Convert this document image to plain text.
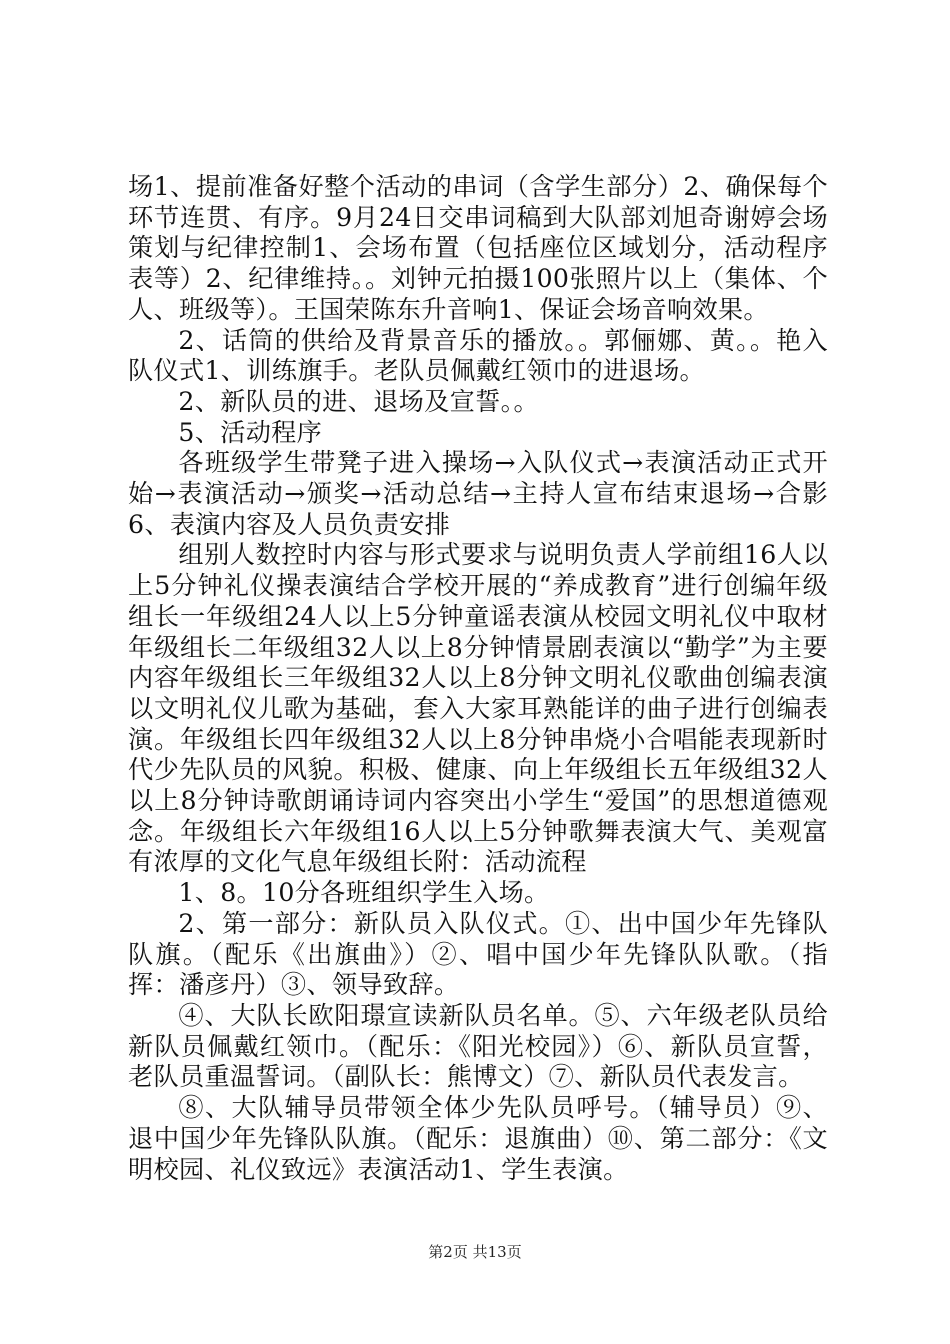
场1、提前准备好整个活动的串词（含学生部分）2、确保每个环节连贯、有序。9月24日交串词稿到大队部刘旭奇谢婷会场策划与纪律控制1、会场布置（包括座位区域划分，活动程序表等）2、纪律维持。。刘钟元拍摄100张照片以上（集体、个人、班级等）。王国荣陈东升音响1、保证会场音响效果。

2、话筒的供给及背景音乐的播放。。郭俪娜、黄。。艳入队仪式1、训练旗手。老队员佩戴红领巾的进退场。

2、新队员的进、退场及宣誓。。

5、活动程序

各班级学生带凳子进入操场→入队仪式→表演活动正式开始→表演活动→颁奖→活动总结→主持人宣布结束退场→合影6、表演内容及人员负责安排

组别人数控时内容与形式要求与说明负责人学前组16人以上5分钟礼仪操表演结合学校开展的“养成教育”进行创编年级组长一年级组24人以上5分钟童谣表演从校园文明礼仪中取材年级组长二年级组32人以上8分钟情景剧表演以“勤学”为主要内容年级组长三年级组32人以上8分钟文明礼仪歌曲创编表演以文明礼仪儿歌为基础，套入大家耳熟能详的曲子进行创编表演。年级组长四年级组32人以上8分钟串烧小合唱能表现新时代少先队员的风貌。积极、健康、向上年级组长五年级组32人以上8分钟诗歌朗诵诗词内容突出小学生“爱国”的思想道德观念。年级组长六年级组16人以上5分钟歌舞表演大气、美观富有浓厚的文化气息年级组长附：活动流程

1、8。10分各班组织学生入场。

2、第一部分：新队员入队仪式。①、出中国少年先锋队队旗。（配乐《出旗曲》）②、唱中国少年先锋队队歌。（指挥：潘彦丹）③、领导致辞。

④、大队长欧阳璟宣读新队员名单。⑤、六年级老队员给新队员佩戴红领巾。（配乐：《阳光校园》）⑥、新队员宣誓，老队员重温誓词。（副队长：熊博文）⑦、新队员代表发言。

⑧、大队辅导员带领全体少先队员呼号。（辅导员）⑨、退中国少年先锋队队旗。（配乐：退旗曲）⑩、第二部分：《文明校园、礼仪致远》表演活动1、学生表演。

第2页 共13页
